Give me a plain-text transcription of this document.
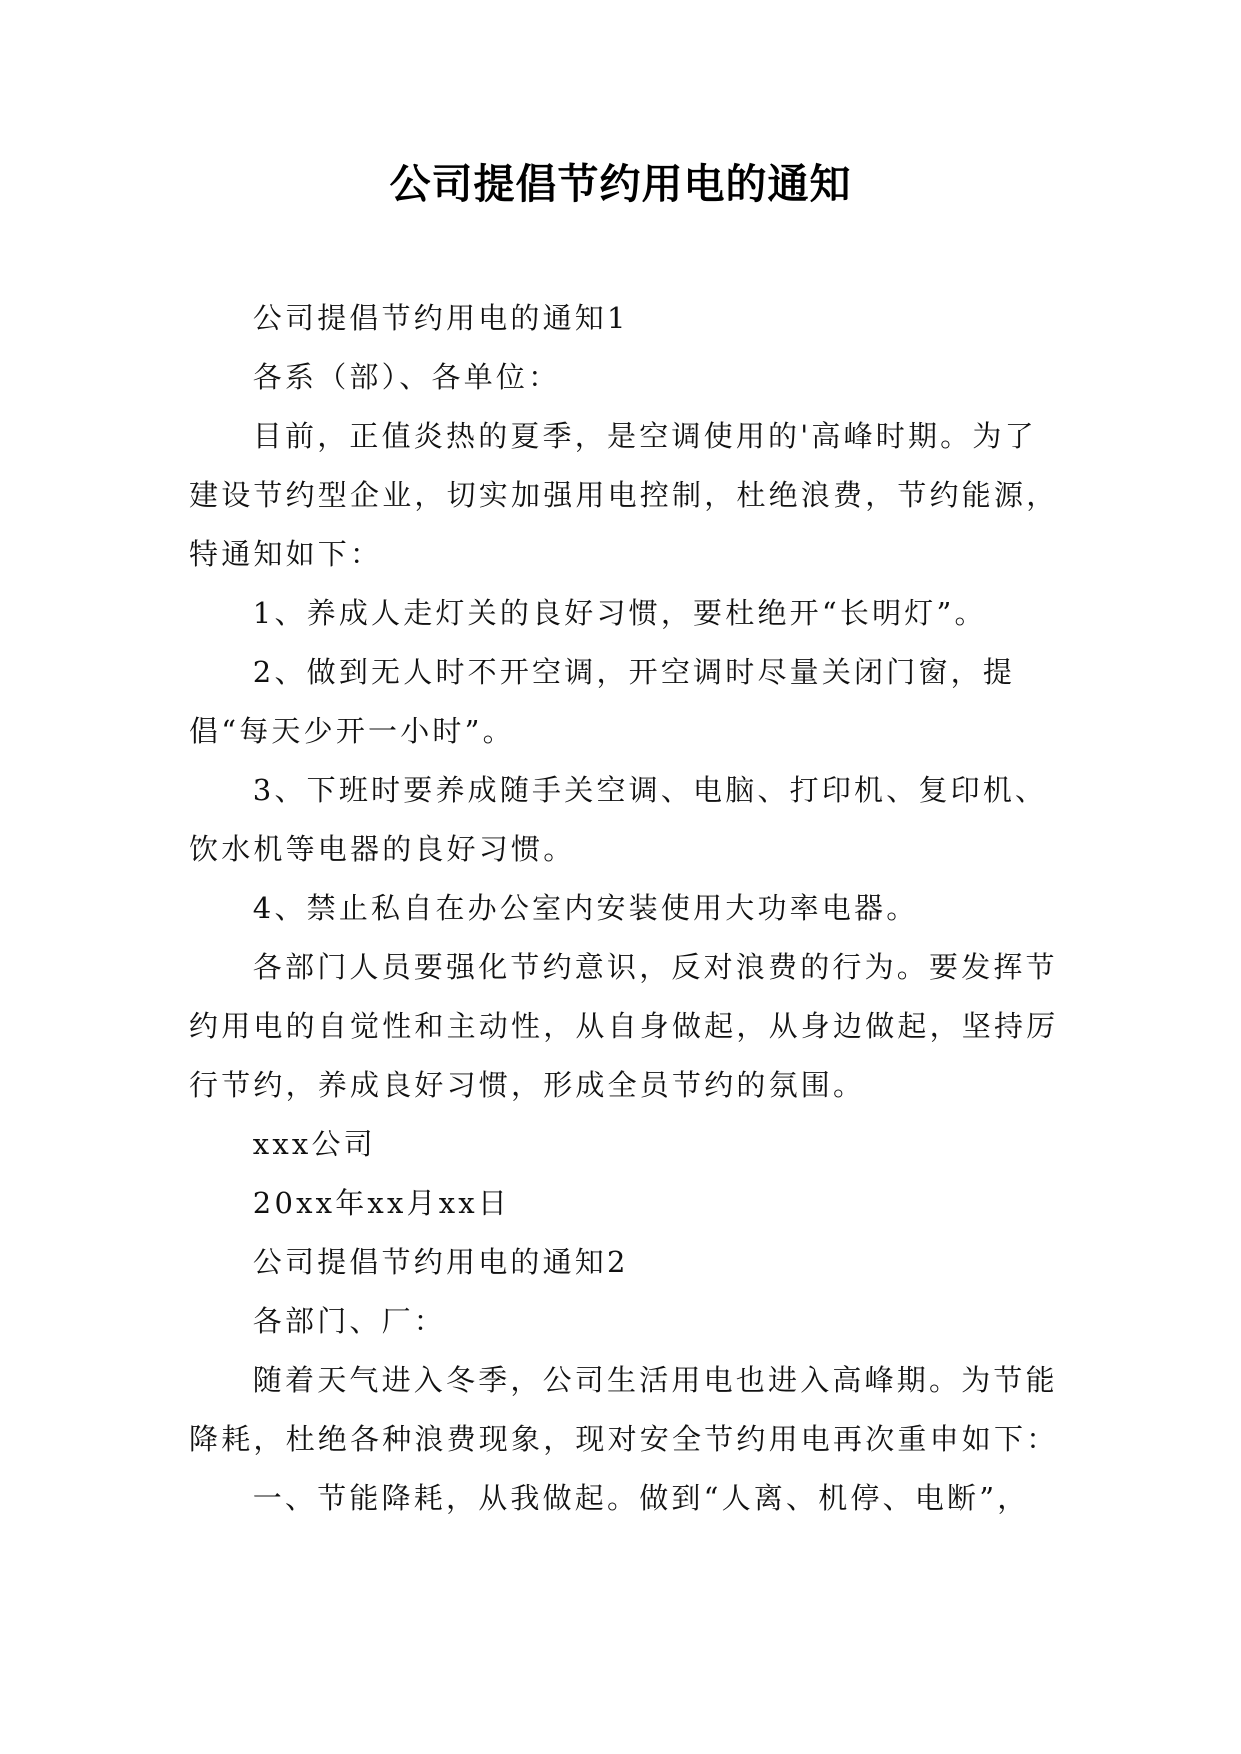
公司提倡节约用电的通知

公司提倡节约用电的通知1

各系（部）、各单位：

目前，正值炎热的夏季，是空调使用的'高峰时期。为了建设节约型企业，切实加强用电控制，杜绝浪费，节约能源，特通知如下：

1、养成人走灯关的良好习惯，要杜绝开“长明灯”。

2、做到无人时不开空调，开空调时尽量关闭门窗，提倡“每天少开一小时”。

3、下班时要养成随手关空调、电脑、打印机、复印机、饮水机等电器的良好习惯。

4、禁止私自在办公室内安装使用大功率电器。

各部门人员要强化节约意识，反对浪费的行为。要发挥节约用电的自觉性和主动性，从自身做起，从身边做起，坚持厉行节约，养成良好习惯，形成全员节约的氛围。

xxx公司

20xx年xx月xx日

公司提倡节约用电的通知2

各部门、厂：

随着天气进入冬季，公司生活用电也进入高峰期。为节能降耗，杜绝各种浪费现象，现对安全节约用电再次重申如下：

一、节能降耗，从我做起。做到“人离、机停、电断”，
